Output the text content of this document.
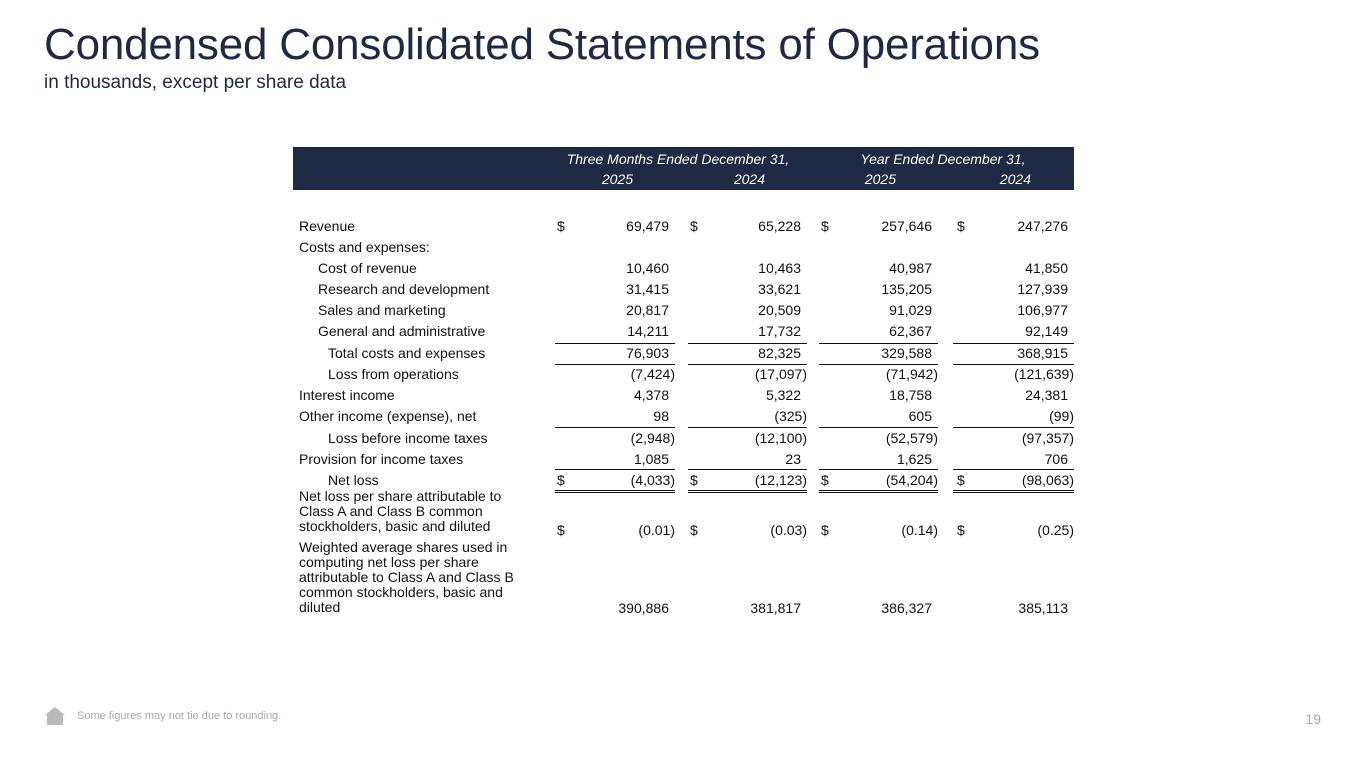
Condensed Consolidated Statements of Operations
in thousands, except per share data
Three Months Ended December 31,	Year Ended December 31,
2025	2024	2025	2024
Revenue	$	69,479 $	65,228 $	257,646 $	247,276
Costs and expenses:
Cost of revenue	10,460	10,463	40,987	41,850
Research and development	31,415	33,621	135,205	127,939
Sales and marketing	20,817	20,509	91,029	106,977
General and administrative	14,211	17,732	62,367	92,149
Total costs and expenses	76,903	82,325	329,588	368,915
Loss from operations	(7,424)	(17,097)	(71,942)	(121,639)
Interest income	4,378	5,322	18,758	24,381
Other income (expense), net	98	(325)	605	(99)
Loss before income taxes	(2,948)	(12,100)	(52,579)	(97,357)
Provision for income taxes	1,085	23	1,625	706
Net loss	$	(4,033) $	(12,123) $	(54,204) $	(98,063)
Net loss per share attributable to Class A and Class B common stockholders, basic and diluted	$	(0.01) $	(0.03) $	(0.14) $	(0.25)
Weighted average shares used in computing net loss per share attributable to Class A and Class B common stockholders, basic and diluted	390,886	381,817	386,327	385,113
Some figures may not tie due to rounding.	19
